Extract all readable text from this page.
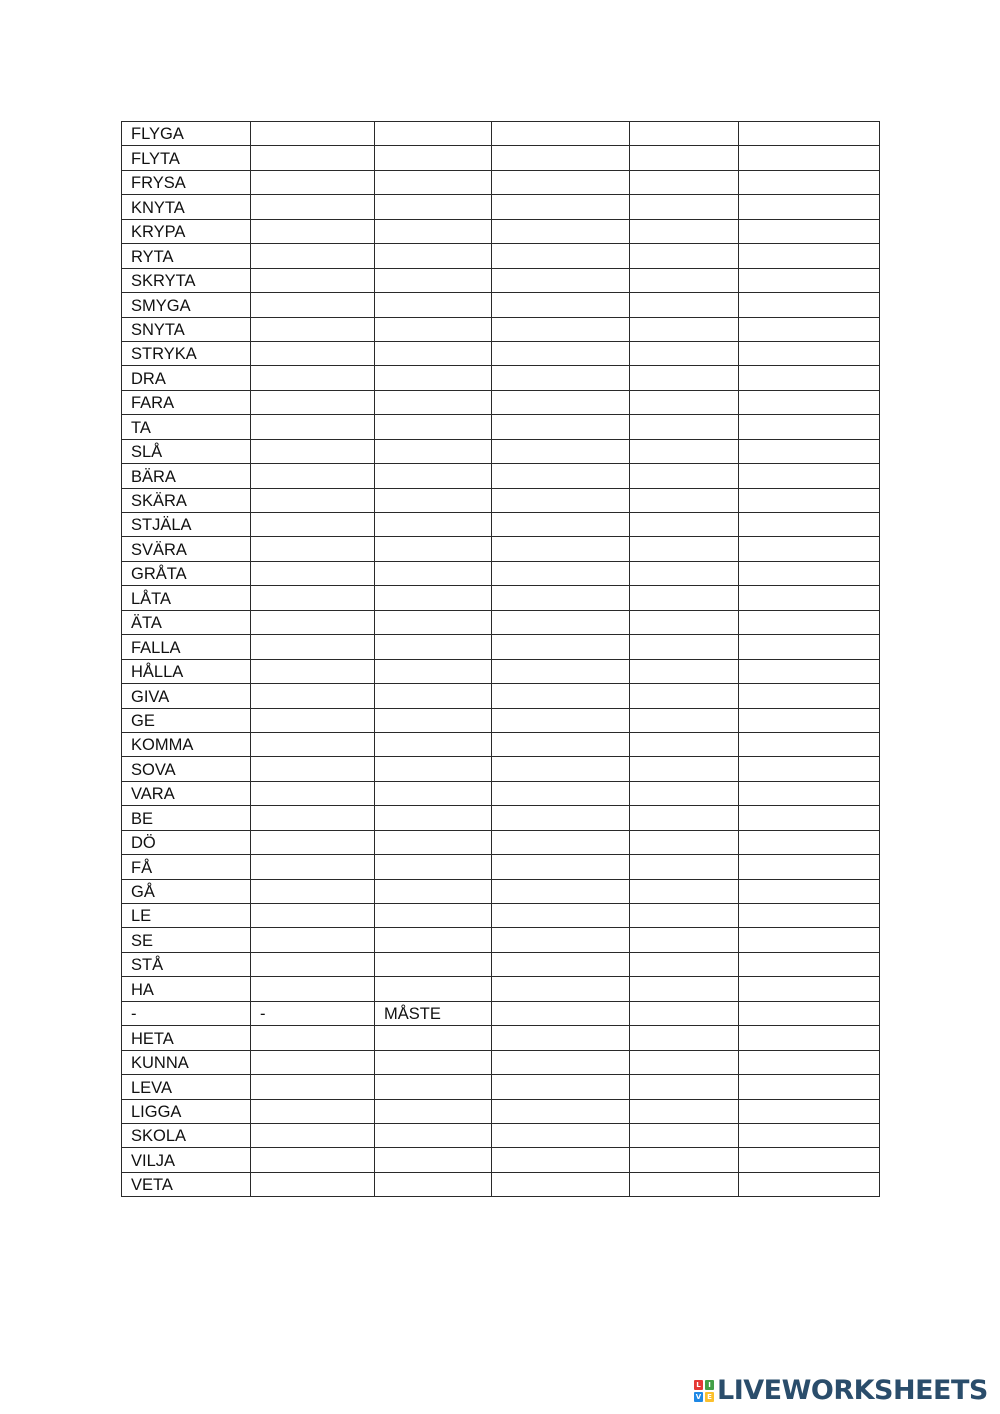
FLYGA					
FLYTA					
FRYSA					
KNYTA					
KRYPA					
RYTA					
SKRYTA					
SMYGA					
SNYTA					
STRYKA					
DRA					
FARA					
TA					
SLÅ					
BÄRA					
SKÄRA					
STJÄLA					
SVÄRA					
GRÅTA					
LÅTA					
ÄTA					
FALLA					
HÅLLA					
GIVA					
GE					
KOMMA					
SOVA					
VARA					
BE					
DÖ					
FÅ					
GÅ					
LE					
SE					
STÅ					
HA					
-	-	MÅSTE			
HETA					
KUNNA					
LEVA					
LIGGA					
SKOLA					
VILJA					
VETA					
L	I
V E LIVEWORKSHEETS
